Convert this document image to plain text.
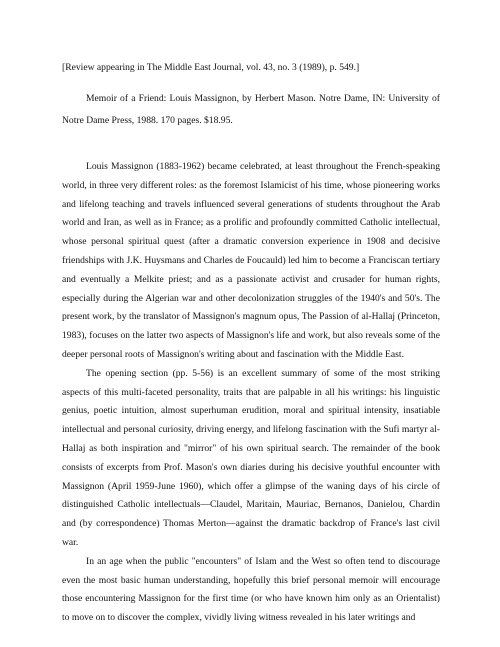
[Review appearing in The Middle East Journal, vol. 43, no. 3 (1989), p. 549.]

Memoir of a Friend: Louis Massignon, by Herbert Mason. Notre Dame, IN: University of Notre Dame Press, 1988. 170 pages. $18.95.

Louis Massignon (1883-1962) became celebrated, at least throughout the French-speaking world, in three very different roles: as the foremost Islamicist of his time, whose pioneering works and lifelong teaching and travels influenced several generations of students throughout the Arab world and Iran, as well as in France; as a prolific and profoundly committed Catholic intellectual, whose personal spiritual quest (after a dramatic conversion experience in 1908 and decisive friendships with J.K. Huysmans and Charles de Foucauld) led him to become a Franciscan tertiary and eventually a Melkite priest; and as a passionate activist and crusader for human rights, especially during the Algerian war and other decolonization struggles of the 1940's and 50's. The present work, by the translator of Massignon's magnum opus, The Passion of al-Hallaj (Princeton, 1983), focuses on the latter two aspects of Massignon's life and work, but also reveals some of the deeper personal roots of Massignon's writing about and fascination with the Middle East.

The opening section (pp. 5-56) is an excellent summary of some of the most striking aspects of this multi-faceted personality, traits that are palpable in all his writings: his linguistic genius, poetic intuition, almost superhuman erudition, moral and spiritual intensity, insatiable intellectual and personal curiosity, driving energy, and lifelong fascination with the Sufi martyr al-Hallaj as both inspiration and "mirror" of his own spiritual search. The remainder of the book consists of excerpts from Prof. Mason's own diaries during his decisive youthful encounter with Massignon (April 1959-June 1960), which offer a glimpse of the waning days of his circle of distinguished Catholic intellectuals—Claudel, Maritain, Mauriac, Bernanos, Danielou, Chardin and (by correspondence) Thomas Merton—against the dramatic backdrop of France's last civil war.

In an age when the public "encounters" of Islam and the West so often tend to discourage even the most basic human understanding, hopefully this brief personal memoir will encourage those encountering Massignon for the first time (or who have known him only as an Orientalist) to move on to discover the complex, vividly living witness revealed in his later writings and
